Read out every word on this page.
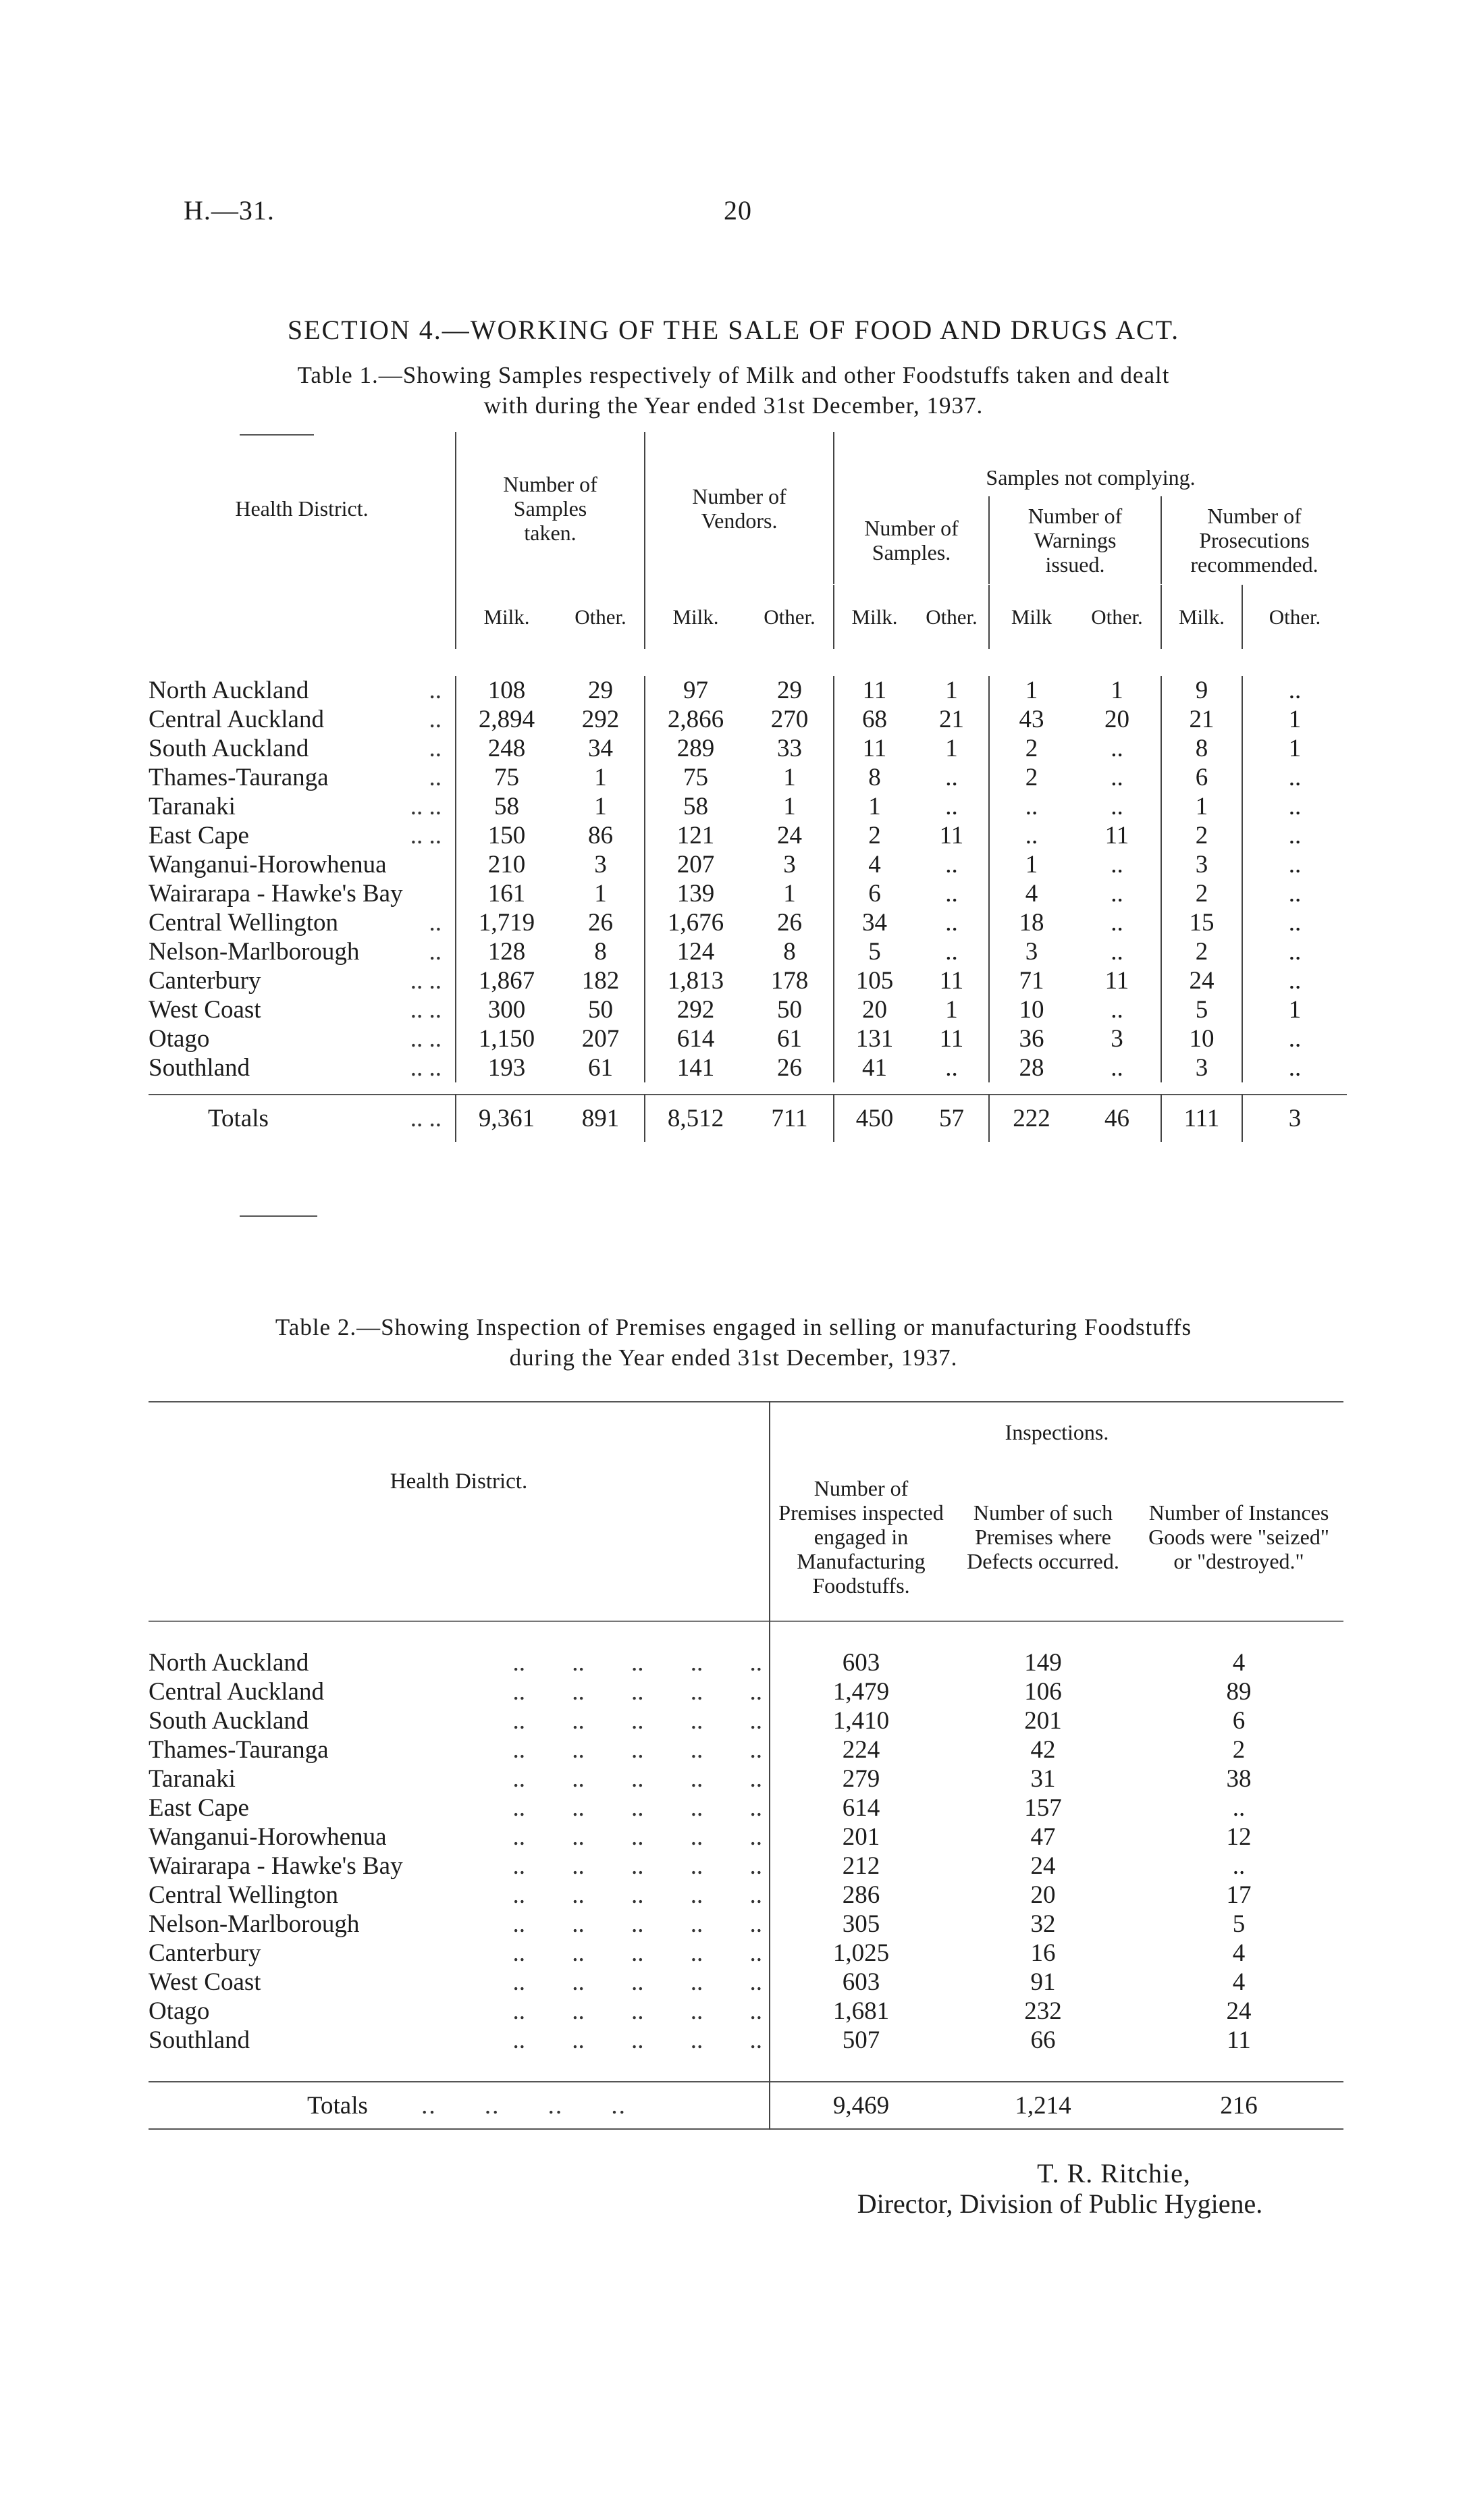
H.—31.	20
SECTION 4.—WORKING OF THE SALE OF FOOD AND DRUGS ACT.
Table 1.—Showing Samples respectively of Milk and other Foodstuffs taken and dealt
with during the Year ended 31st December, 1937.
Health District.	Number of Samples taken.		Number of Vendors.		Samples not complying.					
					Number of Samples.		Number of Warnings issued.		Number of Prosecutions recommended.	

	Milk.	Other.	Milk.	Other.	Milk.	Other.	Milk	Other.	Milk.	Other.

North Auckland ..	108	29	97	29	11	1	1	1	9	..
Central Auckland ..	2,894	292	2,866	270	68	21	43	20	21	1
South Auckland ..	248	34	289	33	11	1	2	..	8	1
Thames-Tauranga ..	75	1	75	1	8	..	2	..	6	..
Taranaki .. ..	58	1	58	1	1	..	..	..	1	..
East Cape .. ..	150	86	121	24	2	11	..	11	2	..
Wanganui-Horowhenua	210	3	207	3	4	..	1	..	3	..
Wairarapa - Hawke's Bay	161	1	139	1	6	..	4	..	2	..
Central Wellington ..	1,719	26	1,676	26	34	..	18	..	15	..
Nelson-Marlborough ..	128	8	124	8	5	..	3	..	2	..
Canterbury .. ..	1,867	182	1,813	178	105	11	71	11	24	..
West Coast .. ..	300	50	292	50	20	1	10	..	5	1
Otago .. ..	1,150	207	614	61	131	11	36	3	10	..
Southland .. ..	193	61	141	26	41	..	28	..	3	..

Totals .. ..	9,361	891	8,512	711	450	57	222	46	111	3
Table 2.—Showing Inspection of Premises engaged in selling or manufacturing Foodstuffs
during the Year ended 31st December, 1937.
Health District.	Inspections.		
	Number of Premises inspected engaged in Manufacturing Foodstuffs.	Number of such Premises where Defects occurred.	Number of Instances Goods were "seized" or "destroyed."

North Auckland .. .. .. .. ..	603	149	4
Central Auckland .. .. .. .. ..	1,479	106	89
South Auckland .. .. .. .. ..	1,410	201	6
Thames-Tauranga .. .. .. .. ..	224	42	2
Taranaki .. .. .. .. ..	279	31	38
East Cape .. .. .. .. ..	614	157	..
Wanganui-Horowhenua .. .. .. .. ..	201	47	12
Wairarapa - Hawke's Bay .. .. .. .. ..	212	24	..
Central Wellington .. .. .. .. ..	286	20	17
Nelson-Marlborough .. .. .. .. ..	305	32	5
Canterbury .. .. .. .. ..	1,025	16	4
West Coast .. .. .. .. ..	603	91	4
Otago .. .. .. .. ..	1,681	232	24
Southland .. .. .. .. ..	507	66	11

Totals .. .. .. ..	9,469	1,214	216
T. R. Ritchie,
Director, Division of Public Hygiene.
